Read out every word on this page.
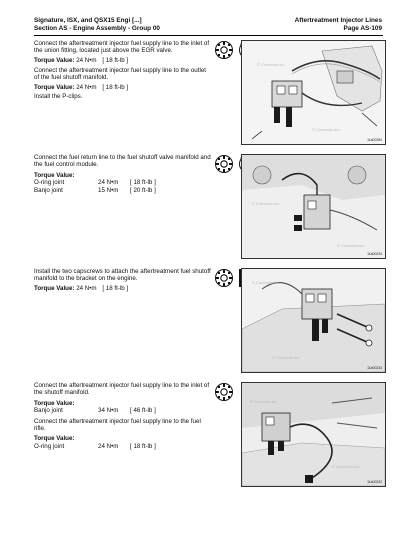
Signature, ISX, and QSX15 Engi [...]
Section AS - Engine Assembly - Group 00
Aftertreatment Injector Lines
Page AS-109

Connect the aftertreatment injector fuel supply line to the inlet of the union fitting, located just above the EGR valve.

Torque Value: 24 N•m [ 18 ft-lb ]

Connect the aftertreatment injector fuel supply line to the outlet of the fuel shutoff manifold.

Torque Value: 24 N•m [ 18 ft-lb ]

Install the P-clips.

© Cummins Inc.
© Cummins Inc.
11a00284

Connect the fuel return line to the fuel shutoff valve manifold and the fuel control module.

Torque Value:
O-ring joint	24 N•m	[ 18 ft-lb ]
Banjo joint	15 N•m	[ 20 ft-lb ]

© Cummins Inc.
© Cummins Inc.
11a00234

Install the two capscrews to attach the aftertreatment fuel shutoff manifold to the bracket on the engine.

Torque Value: 24 N•m [ 18 ft-lb ]

© Cummins Inc.
© Cummins Inc.
11a00233

Connect the aftertreatment injector fuel supply line to the inlet of the shutoff manifold.

Torque Value:
Banjo joint	34 N•m	[ 46 ft-lb ]

Connect the aftertreatment injector fuel supply line to the fuel rifle.

Torque Value:
O-ring joint	24 N•m	[ 18 ft-lb ]
© Cummins Inc.
© Cummins Inc.
11a00232
